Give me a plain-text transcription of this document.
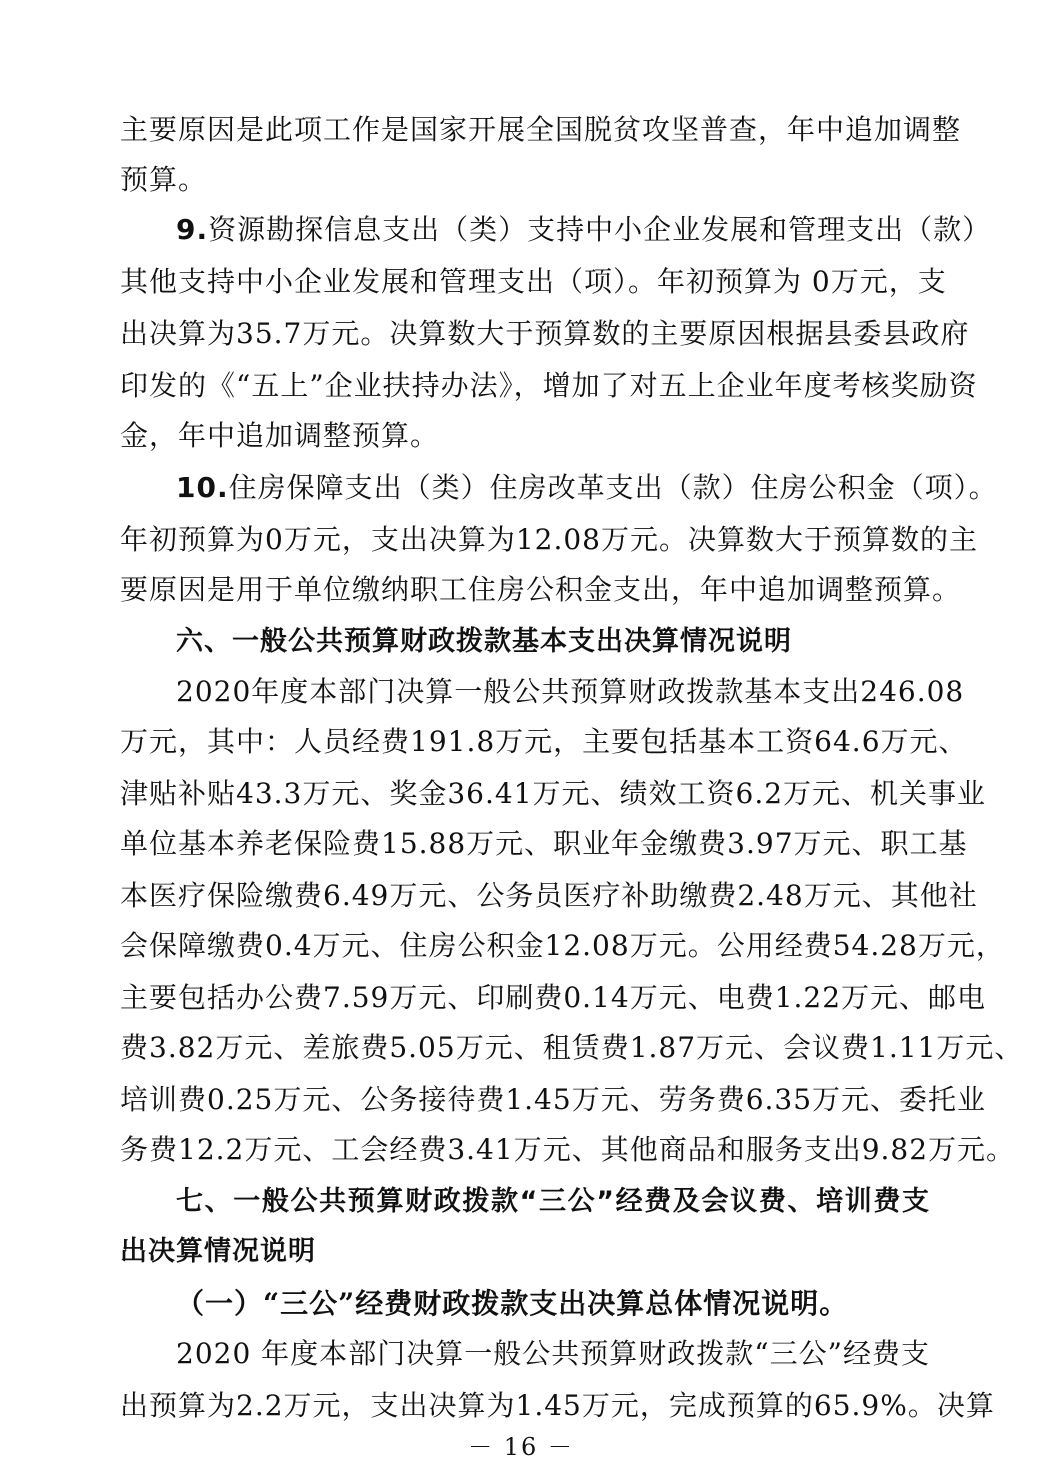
主要原因是此项工作是国家开展全国脱贫攻坚普查，年中追加调整
预算。
9.资源勘探信息支出（类）支持中小企业发展和管理支出（款）
其他支持中小企业发展和管理支出（项）。年初预算为 0万元，支
出决算为35.7万元。决算数大于预算数的主要原因根据县委县政府
印发的《“五上”企业扶持办法》，增加了对五上企业年度考核奖励资
金，年中追加调整预算。
10.住房保障支出（类）住房改革支出（款）住房公积金（项）。
年初预算为0万元，支出决算为12.08万元。决算数大于预算数的主
要原因是用于单位缴纳职工住房公积金支出，年中追加调整预算。
六、一般公共预算财政拨款基本支出决算情况说明
2020年度本部门决算一般公共预算财政拨款基本支出246.08
万元，其中：人员经费191.8万元，主要包括基本工资64.6万元、
津贴补贴43.3万元、奖金36.41万元、绩效工资6.2万元、机关事业
单位基本养老保险费15.88万元、职业年金缴费3.97万元、职工基
本医疗保险缴费6.49万元、公务员医疗补助缴费2.48万元、其他社
会保障缴费0.4万元、住房公积金12.08万元。公用经费54.28万元，
主要包括办公费7.59万元、印刷费0.14万元、电费1.22万元、邮电
费3.82万元、差旅费5.05万元、租赁费1.87万元、会议费1.11万元、
培训费0.25万元、公务接待费1.45万元、劳务费6.35万元、委托业
务费12.2万元、工会经费3.41万元、其他商品和服务支出9.82万元。
七、一般公共预算财政拨款“三公”经费及会议费、培训费支
出决算情况说明
（一）“三公”经费财政拨款支出决算总体情况说明。
2020 年度本部门决算一般公共预算财政拨款“三公”经费支
出预算为2.2万元，支出决算为1.45万元，完成预算的65.9%。决算
－ 16 －
